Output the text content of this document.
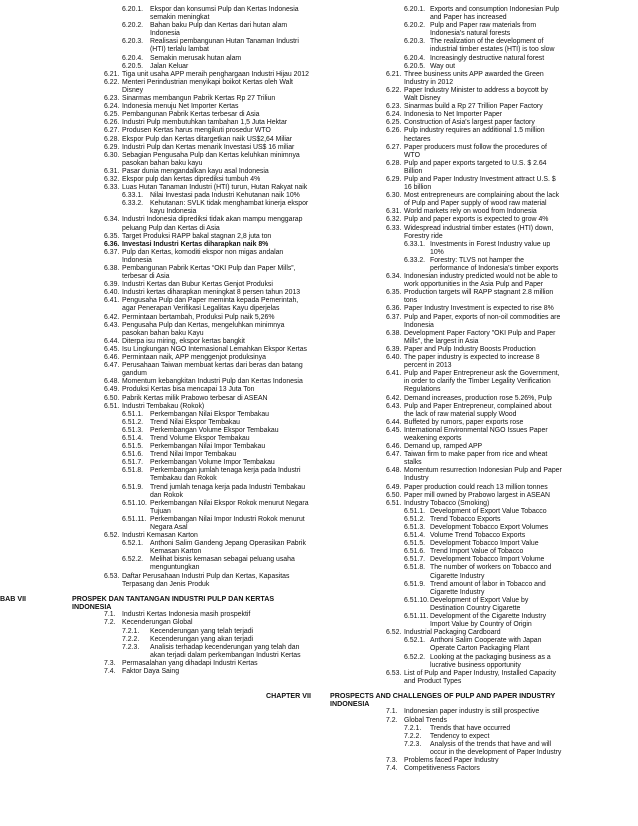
6.20.1.	Ekspor dan konsumsi Pulp dan Kertas Indonesia semakin meningkat
6.20.2.	Bahan baku Pulp dan Kertas dari hutan alam Indonesia
6.20.3.	Realisasi pembangunan Hutan Tanaman Industri (HTI) terlalu lambat
6.20.4.	Semakin merusak hutan alam
6.20.5.	Jalan Keluar
6.21. Tiga unit usaha APP meraih penghargaan Industri Hijau 2012
6.22. Menteri Perindustrian menyikapi boikot Kertas oleh Walt Disney
6.23. Sinarmas membangun Pabrik Kertas Rp 27 Triliun
6.24. Indonesia menuju Net Importer Kertas
6.25. Pembangunan Pabrik Kertas terbesar di Asia
6.26. Industri Pulp membutuhkan tambahan 1,5 Juta Hektar
6.27. Produsen Kertas harus mengikuti prosedur WTO
6.28. Ekspor Pulp dan Kertas ditargetkan naik US$2,64 Miliar
6.29. Industri Pulp dan Kertas menarik Investasi US$ 16 miliar
6.30. Sebagian Pengusaha Pulp dan Kertas keluhkan minimnya pasokan bahan baku kayu
6.31. Pasar dunia mengandalkan kayu asal Indonesia
6.32. Ekspor pulp dan kertas diprediksi tumbuh 4%
6.33. Luas Hutan Tanaman Industri (HTI) turun, Hutan Rakyat naik
6.33.1.	Nilai Investasi pada Industri Kehutanan naik 10%
6.33.2.	Kehutanan: SVLK tidak menghambat kinerja ekspor kayu Indonesia
6.34. Industri Indonesia diprediksi tidak akan mampu menggarap peluang Pulp dan Kertas di Asia
6.35. Target Produksi RAPP bakal stagnan 2,8 juta ton
6.36. Investasi Industri Kertas diharapkan naik 8%
6.37. Pulp dan Kertas, komoditi ekspor non migas andalan Indonesia
6.38. Pembangunan Pabrik Kertas “OKI Pulp dan Paper Mills”, terbesar di Asia
6.39. Industri Kertas dan Bubur Kertas Genjot Produksi
6.40. Industri kertas diharapkan meningkat 8 persen tahun 2013
6.41. Pengusaha Pulp dan Paper meminta kepada Pemerintah, agar Penerapan Verifikasi Legalitas Kayu diperjelas
6.42. Permintaan bertambah, Produksi Pulp naik 5,26%
6.43. Pengusaha Pulp dan Kertas, mengeluhkan minimnya pasokan bahan baku Kayu
6.44. Diterpa isu miring, ekspor kertas bangkit
6.45. Isu Lingkungan NGO Internasional Lemahkan Ekspor Kertas
6.46. Permintaan naik, APP menggenjot produksinya
6.47. Perusahaan Taiwan membuat kertas dari beras dan batang gandum
6.48. Momentum kebangkitan Industri Pulp dan Kertas Indonesia
6.49. Produksi Kertas bisa mencapai 13 Juta Ton
6.50. Pabrik Kertas milik Prabowo terbesar di ASEAN
6.51. Industri Tembakau (Rokok)
6.51.1.	Perkembangan Nilai Ekspor Tembakau
6.51.2.	Trend Nilai Ekspor Tembakau
6.51.3.	Perkembangan Volume Ekspor Tembakau
6.51.4.	Trend Volume Ekspor Tembakau
6.51.5.	Perkembangan Nilai Impor Tembakau
6.51.6.	Trend Nilai Impor Tembakau
6.51.7.	Perkembangan Volume Impor Tembakau
6.51.8.	Perkembangan jumlah tenaga kerja pada Industri Tembakau dan Rokok
6.51.9.	Trend jumlah tenaga kerja pada Industri Tembakau dan Rokok
6.51.10. Perkembangan Nilai Ekspor Rokok menurut Negara Tujuan
6.51.11. Perkembangan Nilai Impor Industri Rokok menurut Negara Asal
6.52. Industri Kemasan Karton
6.52.1.	Anthoni Salim Gandeng Jepang Operasikan Pabrik Kemasan Karton
6.52.2.	Melihat bisnis kemasan sebagai peluang usaha menguntungkan
6.53. Daftar Perusahaan Industri Pulp dan Kertas, Kapasitas Terpasang dan Jenis Produk
BAB VII	PROSPEK DAN TANTANGAN INDUSTRI PULP DAN KERTAS INDONESIA
7.1. Industri Kertas Indonesia masih prospektif
7.2. Kecenderungan Global
7.2.1.	Kecenderungan yang telah terjadi
7.2.2.	Kecenderungan yang akan terjadi
7.2.3.	Analisis terhadap kecenderungan yang telah dan akan terjadi dalam perkembangan Industri Kertas
7.3. Permasalahan yang dihadapi Industri Kertas
7.4. Faktor Daya Saing
6.20.1. Exports and consumption Indonesian Pulp and Paper has increased
6.20.2. Pulp and Paper raw materials from Indonesia's natural forests
6.20.3. The realization of the development of industrial timber estates (HTI) is too slow
6.20.4. Increasingly destructive natural forest
6.20.5. Way out
6.21. Three business units APP awarded the Green Industry in 2012
6.22. Paper Industry Minister to address a boycott by Walt Disney
6.23. Sinarmas build a Rp 27 Trillion Paper Factory
6.24. Indonesia to Net Importer Paper
6.25. Construction of Asia's largest paper factory
6.26. Pulp industry requires an additional 1.5 million hectares
6.27. Paper producers must follow the procedures of WTO
6.28. Pulp and paper exports targeted to U.S. $ 2.64 Billion
6.29. Pulp and Paper Industry Investment attract U.S. $ 16 billion
6.30. Most entrepreneurs are complaining about the lack of Pulp and Paper supply of wood raw material
6.31. World markets rely on wood from Indonesia
6.32. Pulp and paper exports is expected to grow 4%
6.33. Widespread industrial timber estates (HTI) down, Forestry ride
6.33.1. Investments in Forest Industry value up 10%
6.33.2. Forestry: TLVS not hamper the performance of Indonesia's timber exports
6.34. Indonesian industry predicted would not be able to work opportunities in the Asia Pulp and Paper
6.35. Production targets will RAPP stagnant 2.8 million tons
6.36. Paper Industry Investment is expected to rise 8%
6.37. Pulp and Paper, exports of non-oil commodities are Indonesia
6.38. Development Paper Factory "OKI Pulp and Paper Mills", the largest in Asia
6.39. Paper and Pulp Industry Boosts Production
6.40. The paper industry is expected to increase 8 percent in 2013
6.41. Pulp and Paper Entrepreneur ask the Government, in order to clarify the Timber Legality Verification Regulations
6.42. Demand increases, production rose 5.26%, Pulp
6.43. Pulp and Paper Entrepreneur, complained about the lack of raw material supply Wood
6.44. Buffeted by rumors, paper exports rose
6.45. International Environmental NGO Issues Paper weakening exports
6.46. Demand up, ramped APP
6.47. Taiwan firm to make paper from rice and wheat stalks
6.48. Momentum resurrection Indonesian Pulp and Paper Industry
6.49. Paper production could reach 13 million tonnes
6.50. Paper mill owned by Prabowo largest in ASEAN
6.51. Industry Tobacco (Smoking)
6.51.1. Development of Export Value Tobacco
6.51.2. Trend Tobacco Exports
6.51.3. Development Tobacco Export Volumes
6.51.4. Volume Trend Tobacco Exports
6.51.5. Development Tobacco Import Value
6.51.6. Trend Import Value of Tobacco
6.51.7. Development Tobacco Import Volume
6.51.8. The number of workers on Tobacco and Cigarette Industry
6.51.9. Trend amount of labor in Tobacco and Cigarette Industry
6.51.10. Development of Export Value by Destination Country Cigarette
6.51.11. Development of the Cigarette Industry Import Value by Country of Origin
6.52. Industrial Packaging Cardboard
6.52.1. Anthoni Salim Cooperate with Japan Operate Carton Packaging Plant
6.52.2. Looking at the packaging business as a lucrative business opportunity
6.53. List of Pulp and Paper Industry, Installed Capacity and Product Types
CHAPTER VII	PROSPECTS AND CHALLENGES OF PULP AND PAPER INDUSTRY INDONESIA
7.1. Indonesian paper industry is still prospective
7.2. Global Trends
7.2.1.	Trends that have occurred
7.2.2.	Tendency to expect
7.2.3.	Analysis of the trends that have and will occur in the development of Paper Industry
7.3. Problems faced Paper Industry
7.4. Competitiveness Factors
